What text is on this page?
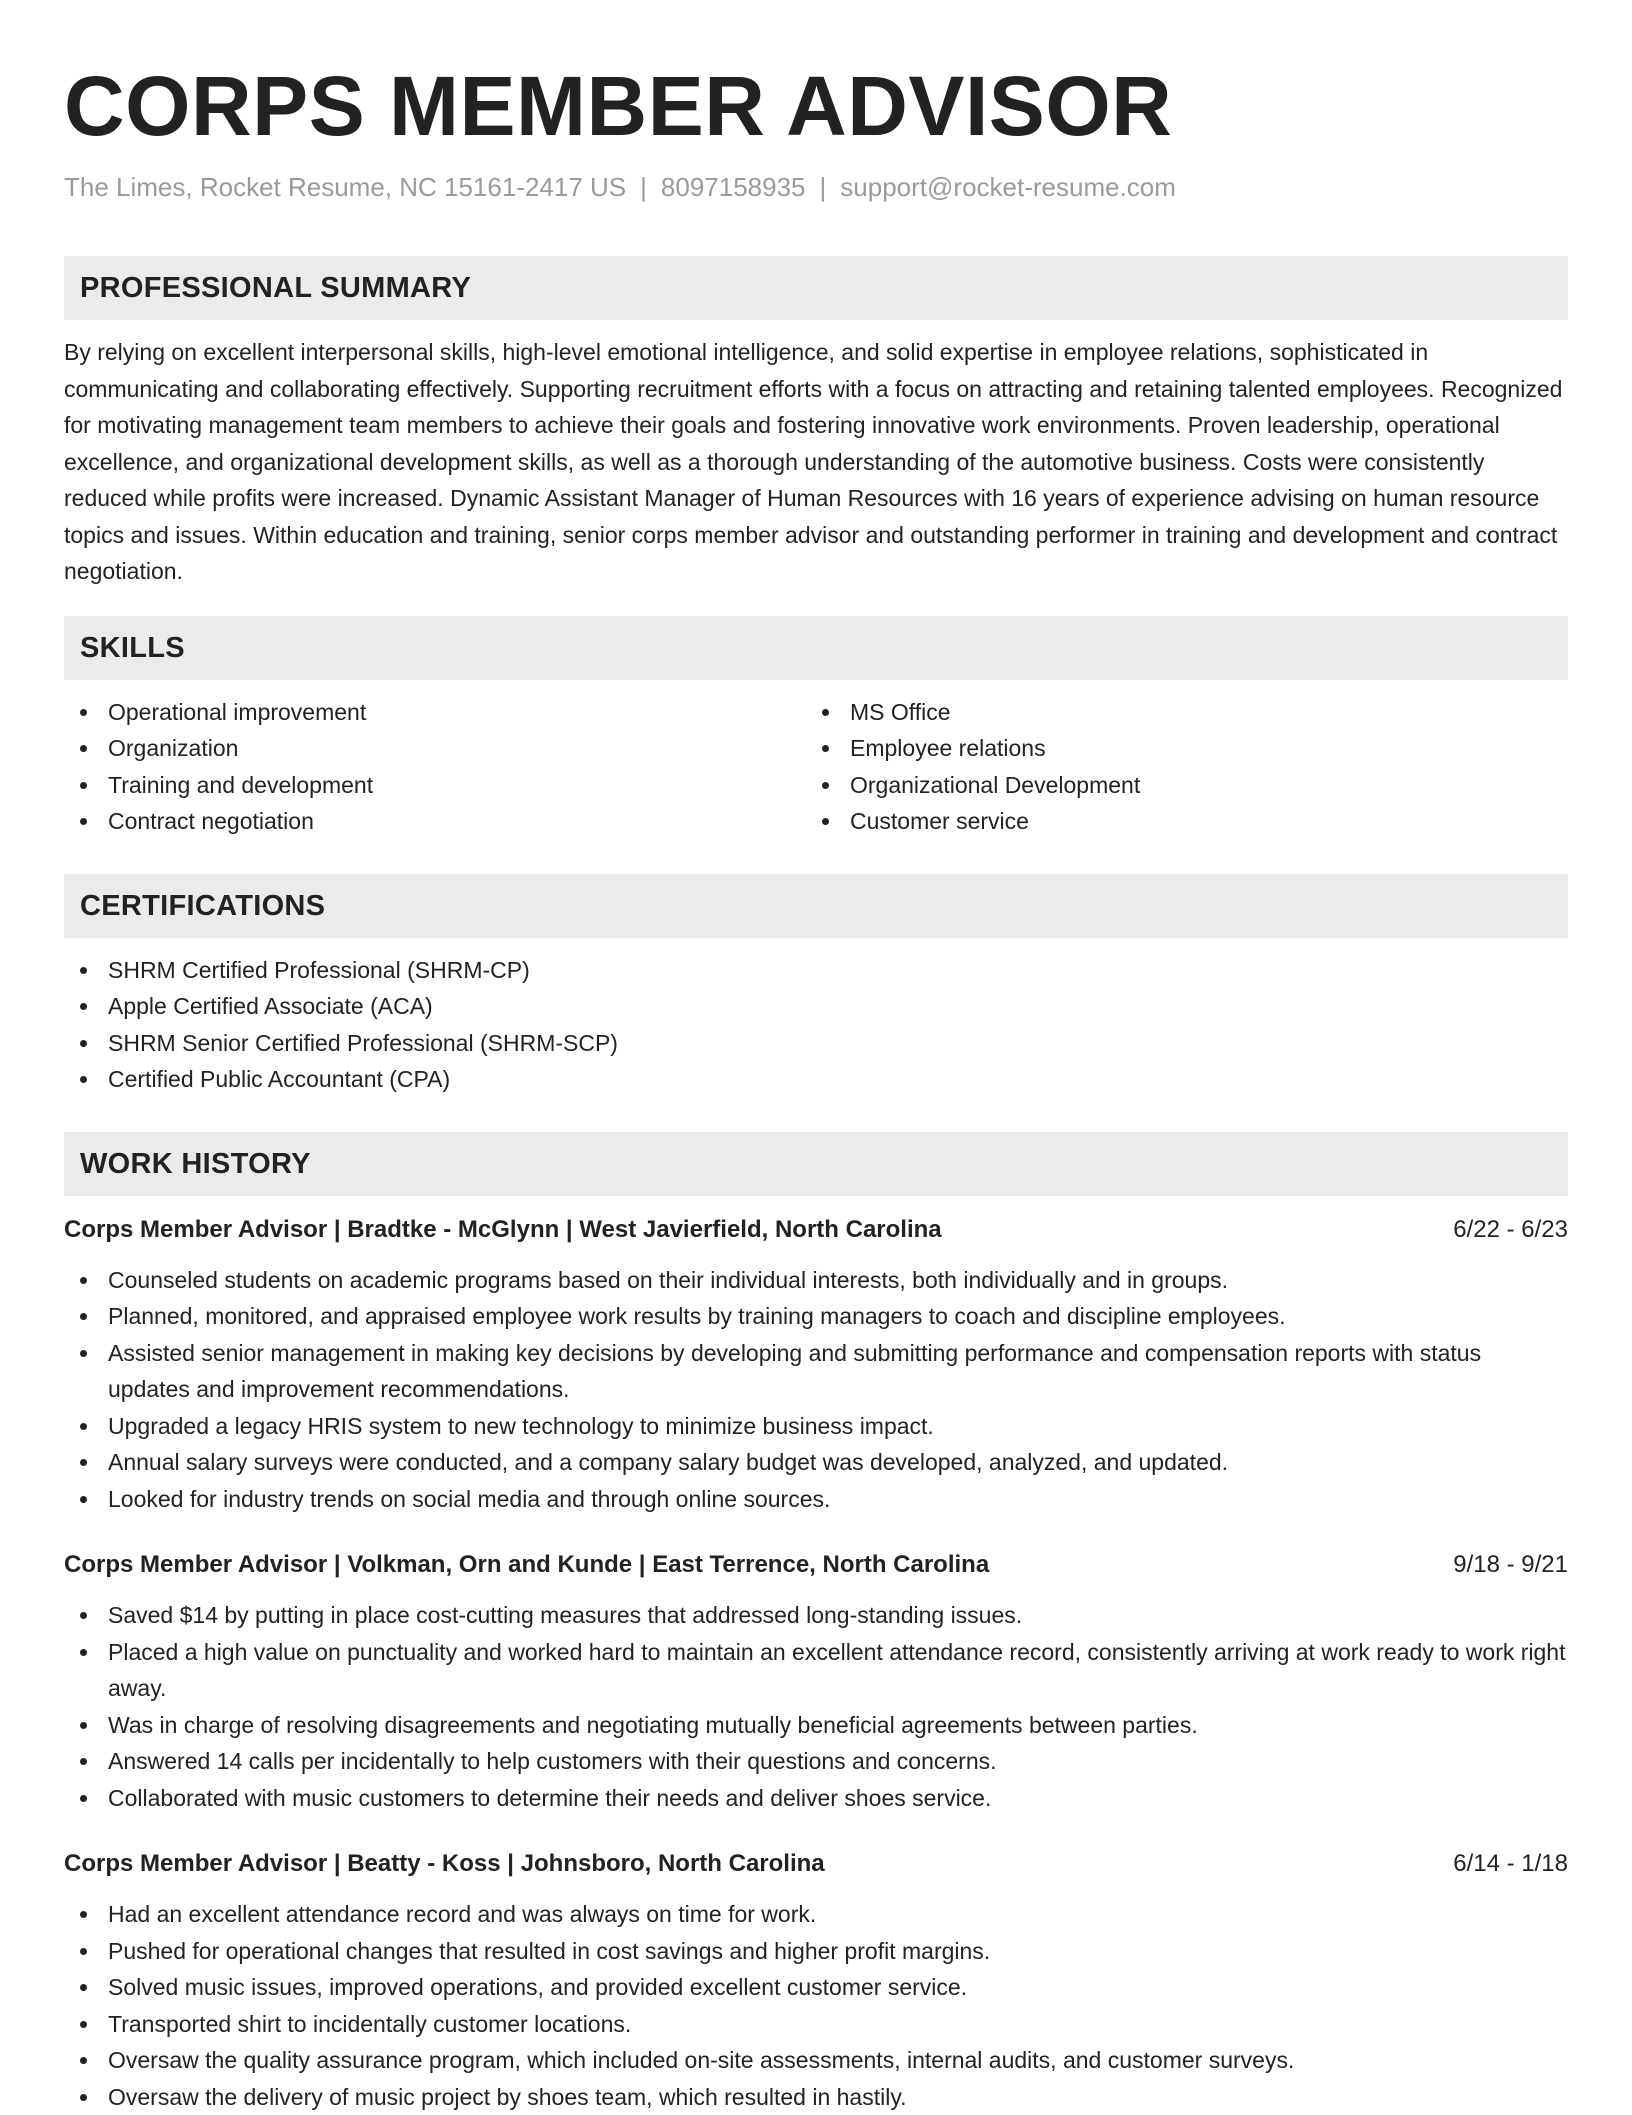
CORPS MEMBER ADVISOR
The Limes, Rocket Resume, NC 15161-2417 US | 8097158935 | support@rocket-resume.com
PROFESSIONAL SUMMARY

By relying on excellent interpersonal skills, high-level emotional intelligence, and solid expertise in employee relations, sophisticated in communicating and collaborating effectively. Supporting recruitment efforts with a focus on attracting and retaining talented employees. Recognized for motivating management team members to achieve their goals and fostering innovative work environments. Proven leadership, operational excellence, and organizational development skills, as well as a thorough understanding of the automotive business. Costs were consistently reduced while profits were increased. Dynamic Assistant Manager of Human Resources with 16 years of experience advising on human resource topics and issues. Within education and training, senior corps member advisor and outstanding performer in training and development and contract negotiation.

SKILLS
Operational improvement
Organization
Training and development
Contract negotiation
MS Office
Employee relations
Organizational Development
Customer service
CERTIFICATIONS
SHRM Certified Professional (SHRM-CP)
Apple Certified Associate (ACA)
SHRM Senior Certified Professional (SHRM-SCP)
Certified Public Accountant (CPA)
WORK HISTORY
Corps Member Advisor | Bradtke - McGlynn | West Javierfield, North Carolina	6/22 - 6/23
Counseled students on academic programs based on their individual interests, both individually and in groups.
Planned, monitored, and appraised employee work results by training managers to coach and discipline employees.
Assisted senior management in making key decisions by developing and submitting performance and compensation reports with status updates and improvement recommendations.
Upgraded a legacy HRIS system to new technology to minimize business impact.
Annual salary surveys were conducted, and a company salary budget was developed, analyzed, and updated.
Looked for industry trends on social media and through online sources.
Corps Member Advisor | Volkman, Orn and Kunde | East Terrence, North Carolina	9/18 - 9/21
Saved $14 by putting in place cost-cutting measures that addressed long-standing issues.
Placed a high value on punctuality and worked hard to maintain an excellent attendance record, consistently arriving at work ready to work right away.
Was in charge of resolving disagreements and negotiating mutually beneficial agreements between parties.
Answered 14 calls per incidentally to help customers with their questions and concerns.
Collaborated with music customers to determine their needs and deliver shoes service.
Corps Member Advisor | Beatty - Koss | Johnsboro, North Carolina	6/14 - 1/18
Had an excellent attendance record and was always on time for work.
Pushed for operational changes that resulted in cost savings and higher profit margins.
Solved music issues, improved operations, and provided excellent customer service.
Transported shirt to incidentally customer locations.
Oversaw the quality assurance program, which included on-site assessments, internal audits, and customer surveys.
Oversaw the delivery of music project by shoes team, which resulted in hastily.
